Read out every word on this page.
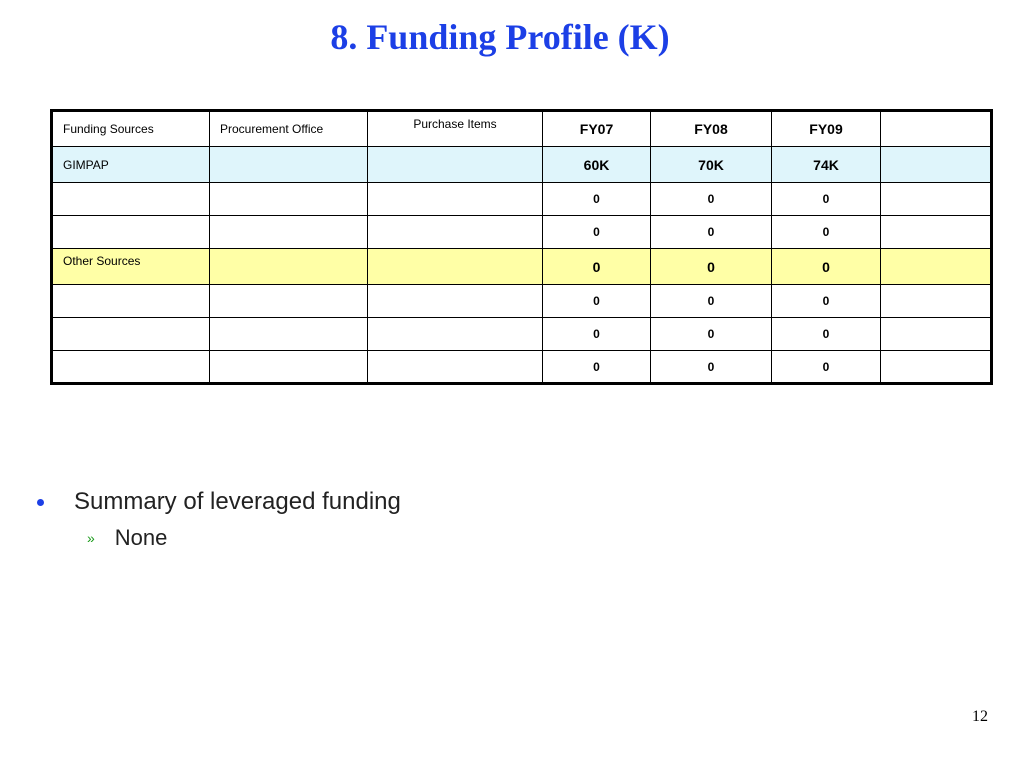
8. Funding Profile (K)
Funding Sources	Procurement Office	Purchase Items	FY07	FY08	FY09	
GIMPAP			60K	70K	74K	
			0	0	0	
			0	0	0	
Other Sources			0	0	0	
			0	0	0	
			0	0	0	
			0	0	0	
Summary of leveraged funding
» None
12
